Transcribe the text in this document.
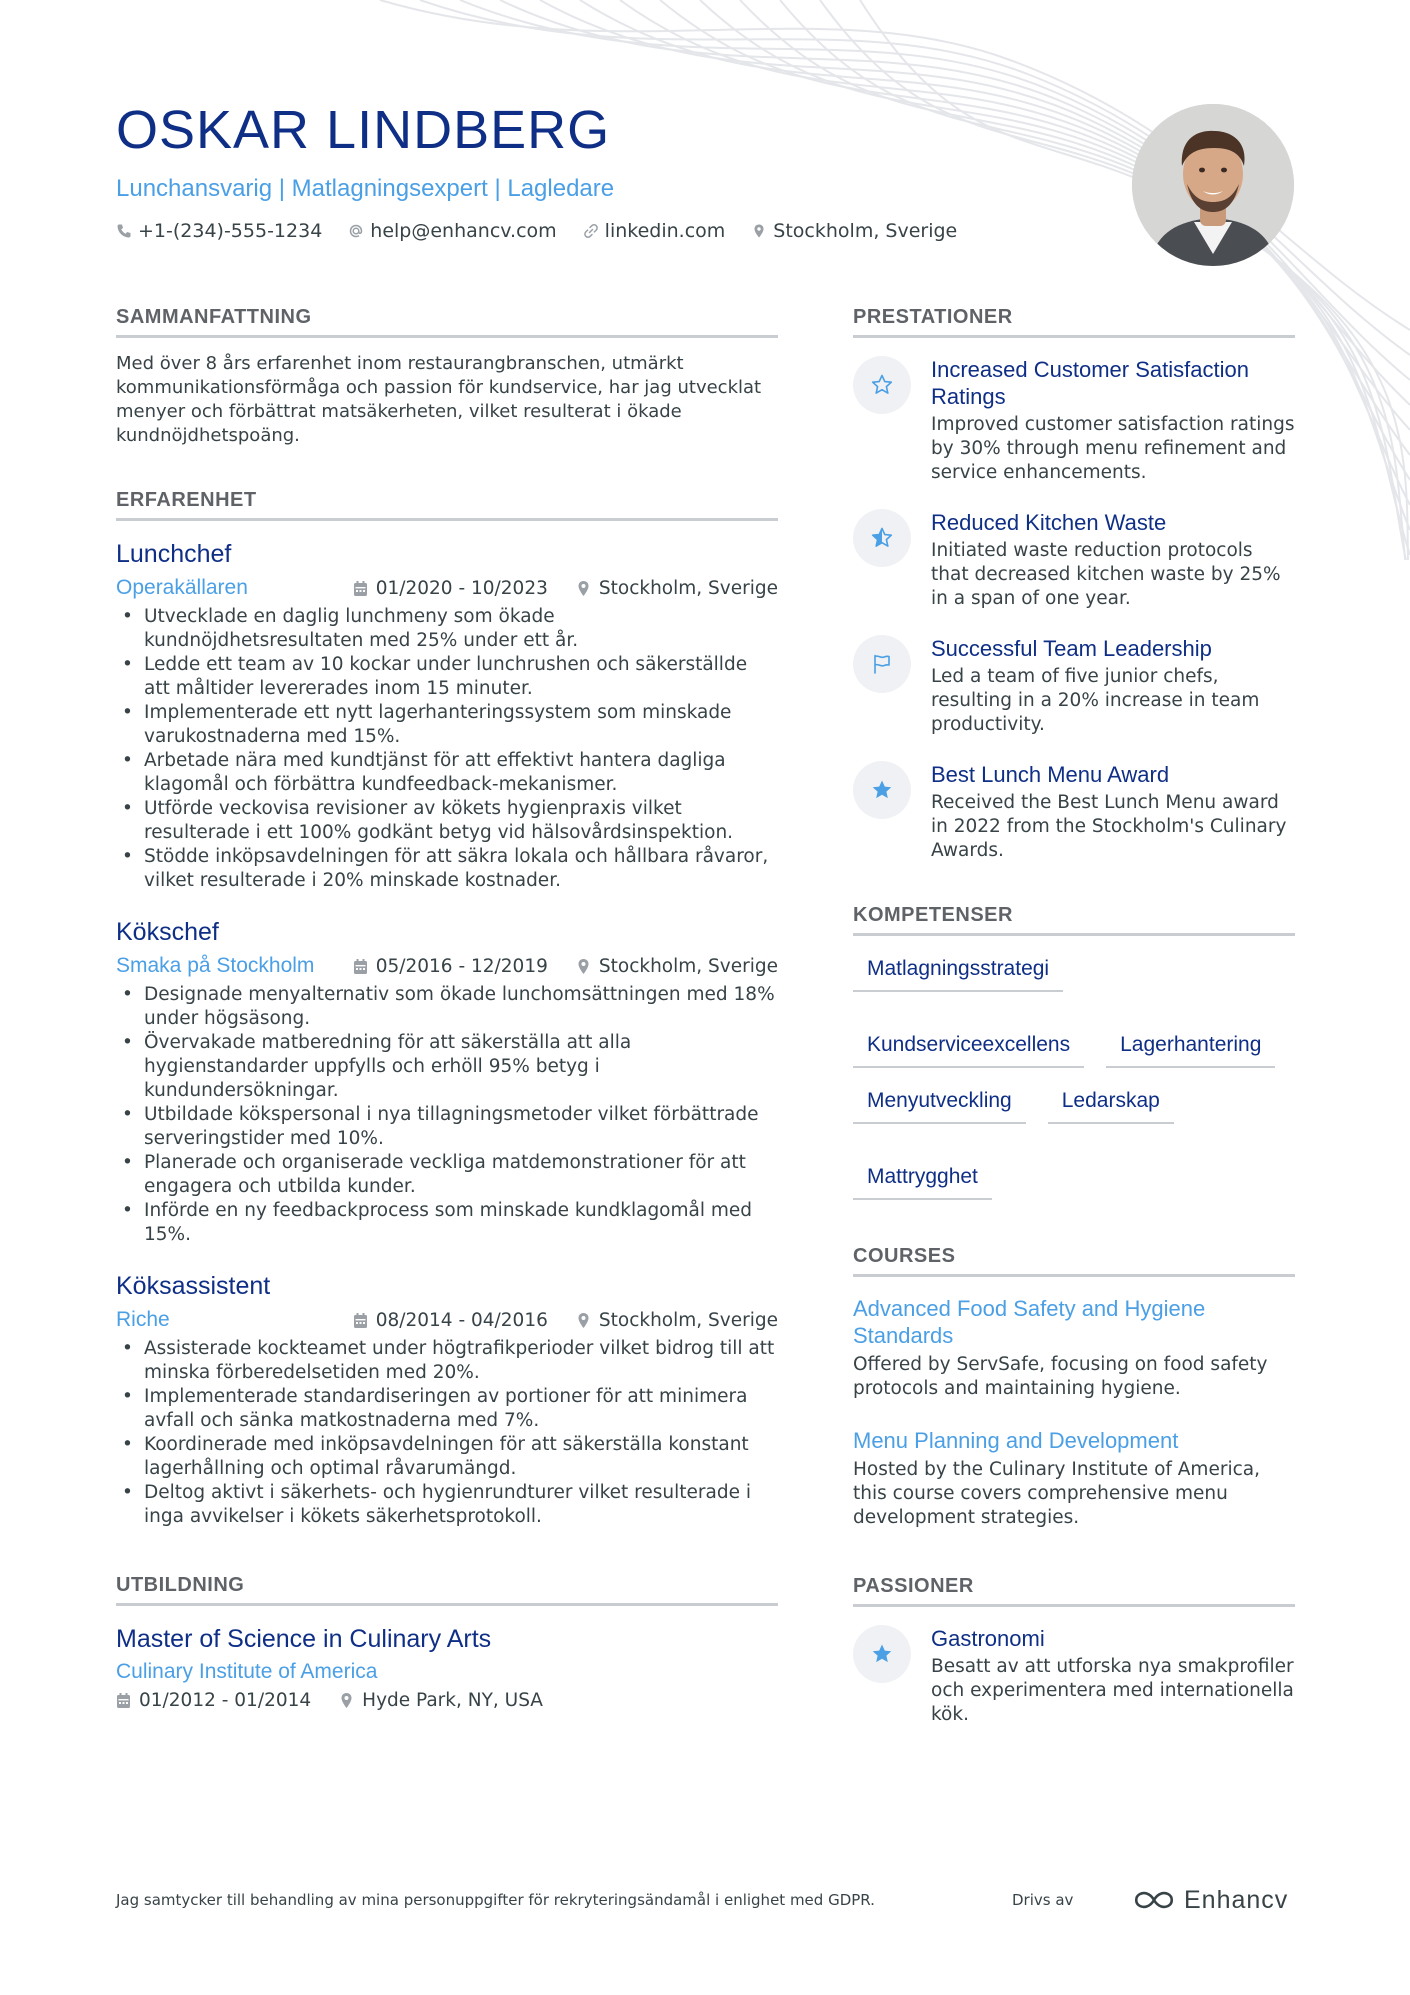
OSKAR LINDBERG
Lunchansvarig | Matlagningsexpert | Lagledare
+1-(234)-555-1234	help@enhancv.com	linkedin.com	Stockholm, Sverige
SAMMANFATTNING

Med över 8 års erfarenhet inom restaurangbranschen, utmärkt kommunikationsförmåga och passion för kundservice, har jag utvecklat menyer och förbättrat matsäkerheten, vilket resulterat i ökade kundnöjdhetspoäng.

ERFARENHET
Lunchchef
Operakällaren	01/2020 - 10/2023	Stockholm, Sverige
• Utvecklade en daglig lunchmeny som ökade kundnöjdhetsresultaten med 25% under ett år.
• Ledde ett team av 10 kockar under lunchrushen och säkerställde att måltider levererades inom 15 minuter.
• Implementerade ett nytt lagerhanteringssystem som minskade varukostnaderna med 15%.
• Arbetade nära med kundtjänst för att effektivt hantera dagliga klagomål och förbättra kundfeedback-mekanismer.
• Utförde veckovisa revisioner av kökets hygienpraxis vilket resulterade i ett 100% godkänt betyg vid hälsovårdsinspektion.
• Stödde inköpsavdelningen för att säkra lokala och hållbara råvaror, vilket resulterade i 20% minskade kostnader.
Kökschef
Smaka på Stockholm	05/2016 - 12/2019	Stockholm, Sverige
• Designade menyalternativ som ökade lunchomsättningen med 18% under högsäsong.
• Övervakade matberedning för att säkerställa att alla hygienstandarder uppfylls och erhöll 95% betyg i kundundersökningar.
• Utbildade kökspersonal i nya tillagningsmetoder vilket förbättrade serveringstider med 10%.
• Planerade och organiserade veckliga matdemonstrationer för att engagera och utbilda kunder.
• Införde en ny feedbackprocess som minskade kundklagomål med 15%.
Köksassistent
Riche	08/2014 - 04/2016	Stockholm, Sverige
• Assisterade kockteamet under högtrafikperioder vilket bidrog till att minska förberedelsetiden med 20%.
• Implementerade standardiseringen av portioner för att minimera avfall och sänka matkostnaderna med 7%.
• Koordinerade med inköpsavdelningen för att säkerställa konstant lagerhållning och optimal råvarumängd.
• Deltog aktivt i säkerhets- och hygienrundturer vilket resulterade i inga avvikelser i kökets säkerhetsprotokoll.
UTBILDNING
Master of Science in Culinary Arts
Culinary Institute of America
01/2012 - 01/2014	Hyde Park, NY, USA
PRESTATIONER
Increased Customer Satisfaction Ratings
Improved customer satisfaction ratings by 30% through menu refinement and service enhancements.
Reduced Kitchen Waste
Initiated waste reduction protocols that decreased kitchen waste by 25% in a span of one year.
Successful Team Leadership
Led a team of five junior chefs, resulting in a 20% increase in team productivity.
Best Lunch Menu Award
Received the Best Lunch Menu award in 2022 from the Stockholm's Culinary Awards.
KOMPETENSER
Matlagningsstrategi
Kundserviceexcellens	Lagerhantering
Menyutveckling	Ledarskap
Mattrygghet
COURSES
Advanced Food Safety and Hygiene Standards
Offered by ServSafe, focusing on food safety protocols and maintaining hygiene.
Menu Planning and Development
Hosted by the Culinary Institute of America, this course covers comprehensive menu development strategies.
PASSIONER
Gastronomi
Besatt av att utforska nya smakprofiler och experimentera med internationella kök.
Jag samtycker till behandling av mina personuppgifter för rekryteringsändamål i enlighet med GDPR.	Drivs av	Enhancv
